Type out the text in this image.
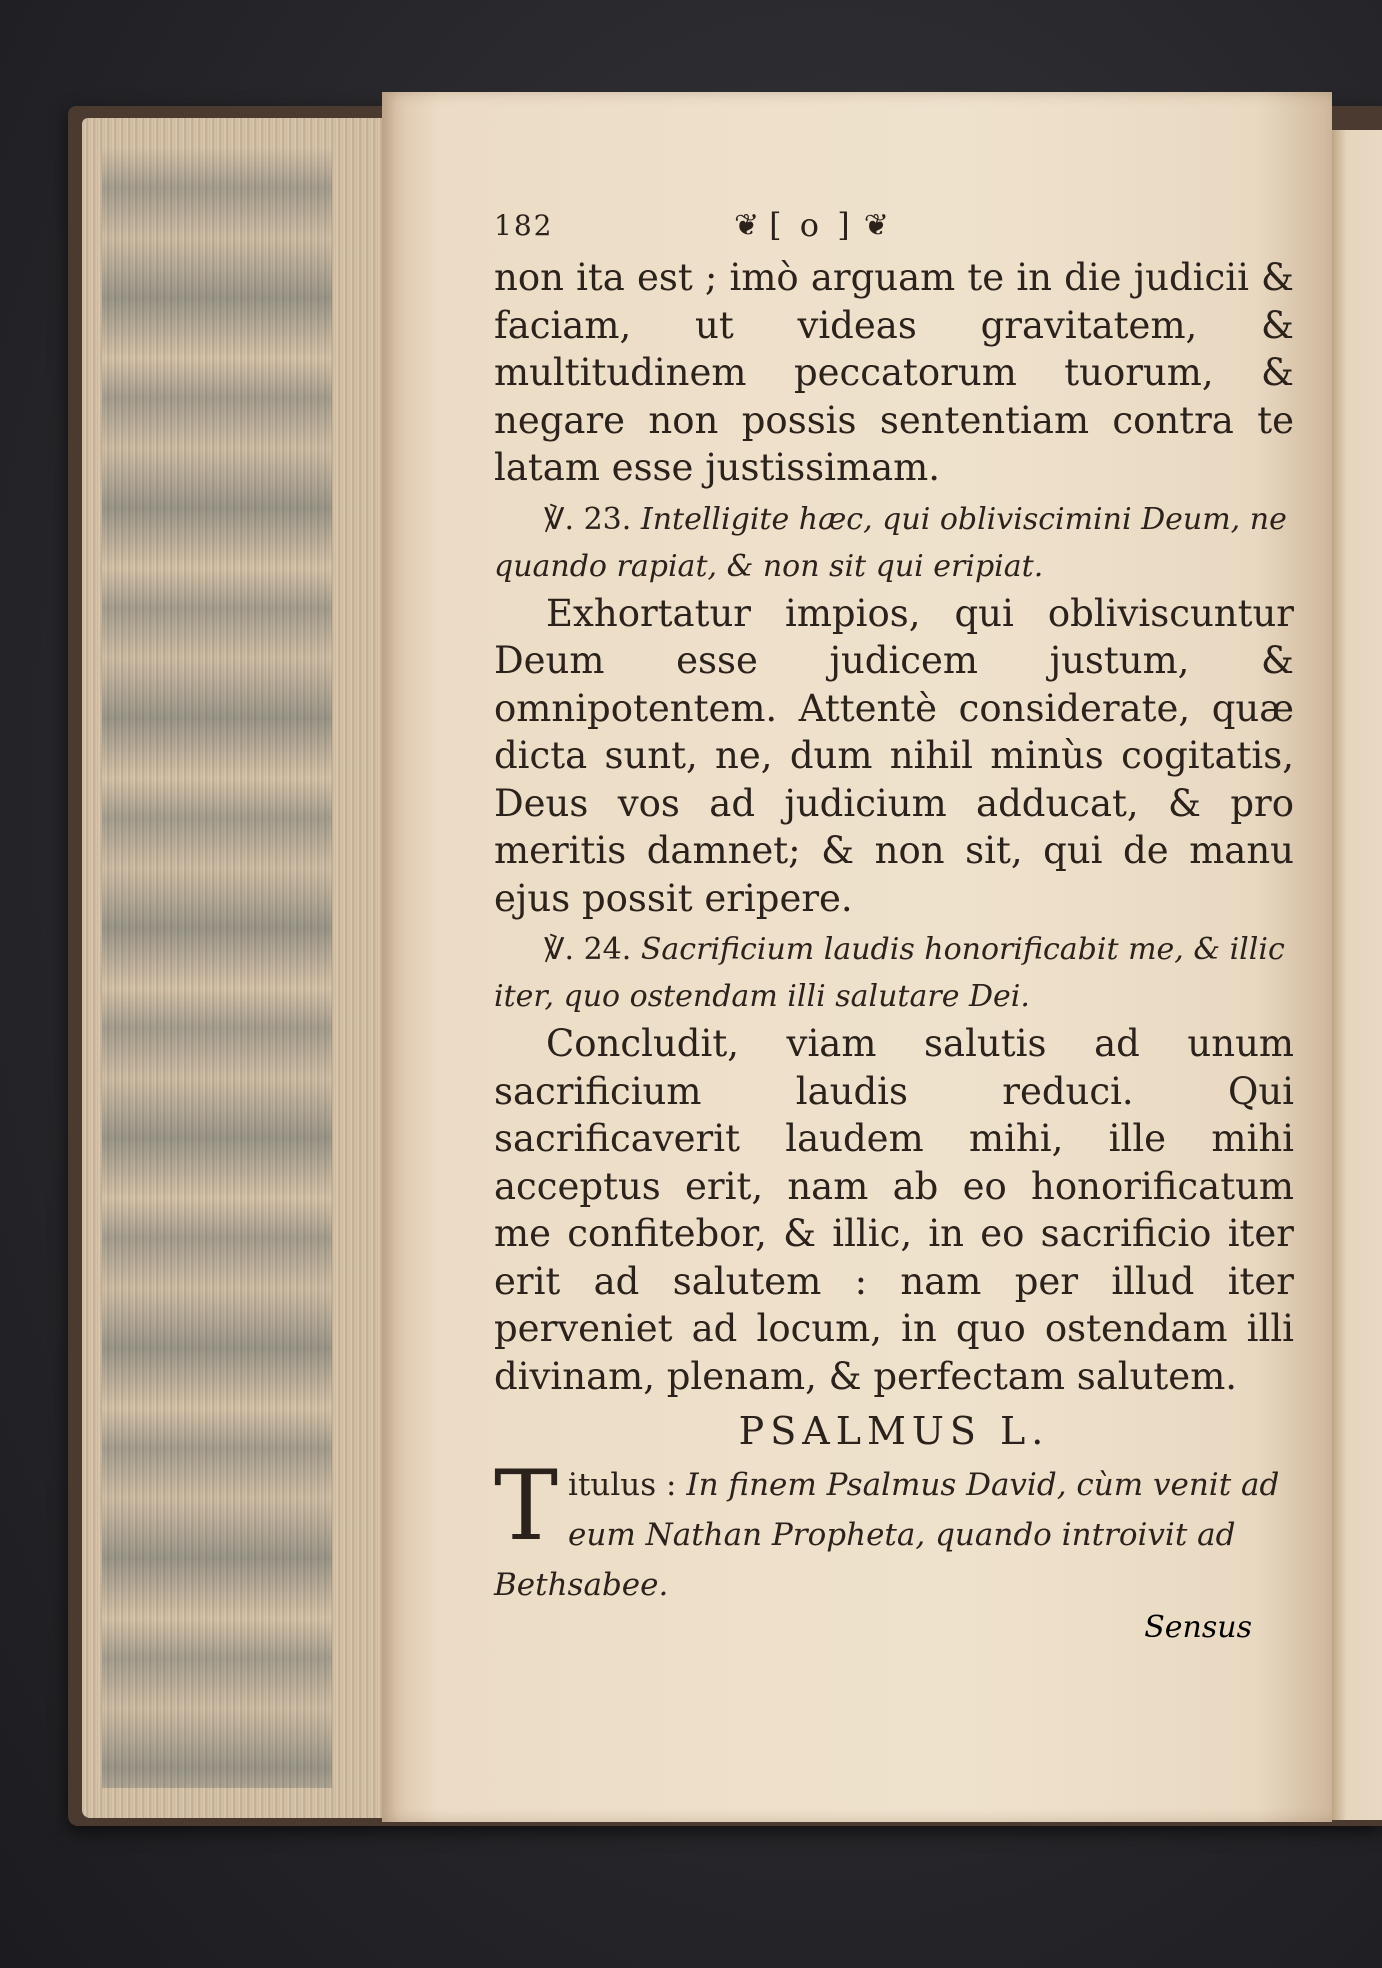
182	❦ [ o ] ❦

non ita est ; imò arguam te in die judicii & faciam, ut videas gravitatem, & multitudinem peccatorum tuorum, & negare non possis sententiam contra te latam esse justissimam.

℣. 23. Intelligite hæc, qui obliviscimini Deum, ne quando rapiat, & non sit qui eripiat.

Exhortatur impios, qui obliviscuntur Deum esse judicem justum, & omnipotentem. Attentè considerate, quæ dicta sunt, ne, dum nihil minùs cogitatis, Deus vos ad judicium adducat, & pro meritis damnet; & non sit, qui de manu ejus possit eripere.

℣. 24. Sacrificium laudis honorificabit me, & illic iter, quo ostendam illi salutare Dei.

Concludit, viam salutis ad unum sacrificium laudis reduci. Qui sacrificaverit laudem mihi, ille mihi acceptus erit, nam ab eo honorificatum me confitebor, & illic, in eo sacrificio iter erit ad salutem : nam per illud iter perveniet ad locum, in quo ostendam illi divinam, plenam, & perfectam salutem.

PSALMUS L.

T itulus : In finem Psalmus David, cùm venit ad eum Nathan Propheta, quando introivit ad Bethsabee.

Sensus
